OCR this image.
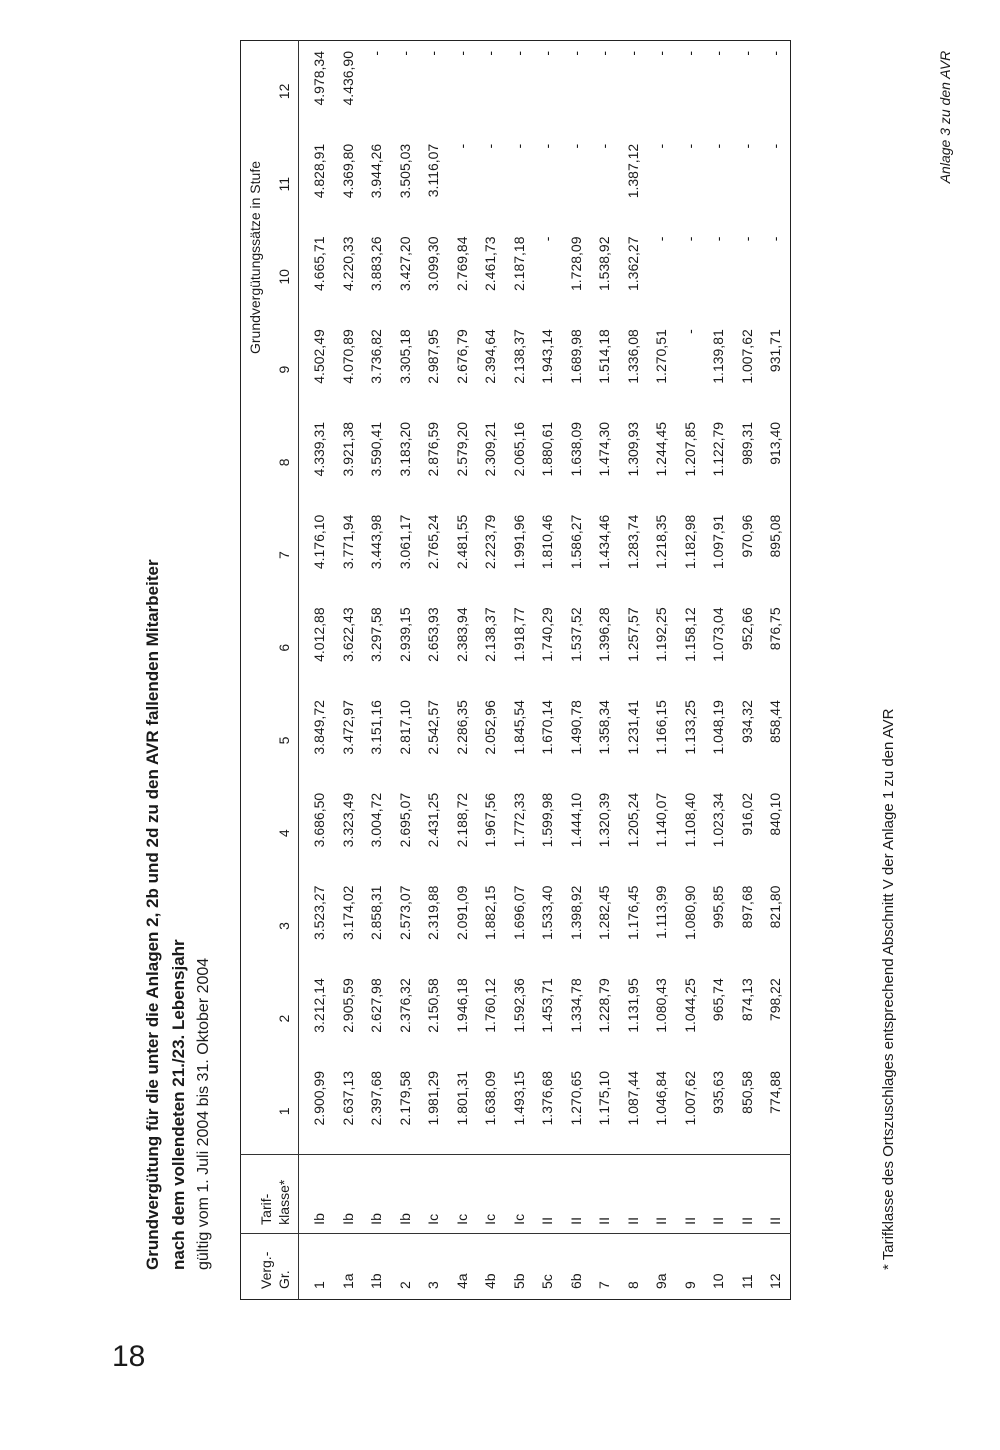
18
Anlage 3 zu den AVR
Grundvergütung für die unter die Anlagen 2, 2b und 2d zu den AVR fallenden Mitarbeiter nach dem vollendeten 21./23. Lebensjahr gültig vom 1. Juli 2004 bis 31. Oktober 2004
Verg.- Gr.	Tarif- klasse*	Grundvergütungssätze in Stufe											
		1	2	3	4	5	6	7	8	9	10	11	12
1	Ib	2.900,99	3.212,14	3.523,27	3.686,50	3.849,72	4.012,88	4.176,10	4.339,31	4.502,49	4.665,71	4.828,91	4.978,34
1a	Ib	2.637,13	2.905,59	3.174,02	3.323,49	3.472,97	3.622,43	3.771,94	3.921,38	4.070,89	4.220,33	4.369,80	4.436,90
1b	Ib	2.397,68	2.627,98	2.858,31	3.004,72	3.151,16	3.297,58	3.443,98	3.590,41	3.736,82	3.883,26	3.944,26	-
2	Ib	2.179,58	2.376,32	2.573,07	2.695,07	2.817,10	2.939,15	3.061,17	3.183,20	3.305,18	3.427,20	3.505,03	-
3	Ic	1.981,29	2.150,58	2.319,88	2.431,25	2.542,57	2.653,93	2.765,24	2.876,59	2.987,95	3.099,30	3.116,07	-
4a	Ic	1.801,31	1.946,18	2.091,09	2.188,72	2.286,35	2.383,94	2.481,55	2.579,20	2.676,79	2.769,84	-	-
4b	Ic	1.638,09	1.760,12	1.882,15	1.967,56	2.052,96	2.138,37	2.223,79	2.309,21	2.394,64	2.461,73	-	-
5b	Ic	1.493,15	1.592,36	1.696,07	1.772,33	1.845,54	1.918,77	1.991,96	2.065,16	2.138,37	2.187,18	-	-
5c	II	1.376,68	1.453,71	1.533,40	1.599,98	1.670,14	1.740,29	1.810,46	1.880,61	1.943,14	-	-	-
6b	II	1.270,65	1.334,78	1.398,92	1.444,10	1.490,78	1.537,52	1.586,27	1.638,09	1.689,98	1.728,09	-	-
7	II	1.175,10	1.228,79	1.282,45	1.320,39	1.358,34	1.396,28	1.434,46	1.474,30	1.514,18	1.538,92	-	-
8	II	1.087,44	1.131,95	1.176,45	1.205,24	1.231,41	1.257,57	1.283,74	1.309,93	1.336,08	1.362,27	1.387,12	-
9a	II	1.046,84	1.080,43	1.113,99	1.140,07	1.166,15	1.192,25	1.218,35	1.244,45	1.270,51	-	-	-
9	II	1.007,62	1.044,25	1.080,90	1.108,40	1.133,25	1.158,12	1.182,98	1.207,85	-	-	-	-
10	II	935,63	965,74	995,85	1.023,34	1.048,19	1.073,04	1.097,91	1.122,79	1.139,81	-	-	-
11	II	850,58	874,13	897,68	916,02	934,32	952,66	970,96	989,31	1.007,62	-	-	-
12	II	774,88	798,22	821,80	840,10	858,44	876,75	895,08	913,40	931,71	-	-	-
* Tarifklasse des Ortszuschlages entsprechend Abschnitt V der Anlage 1 zu den AVR
